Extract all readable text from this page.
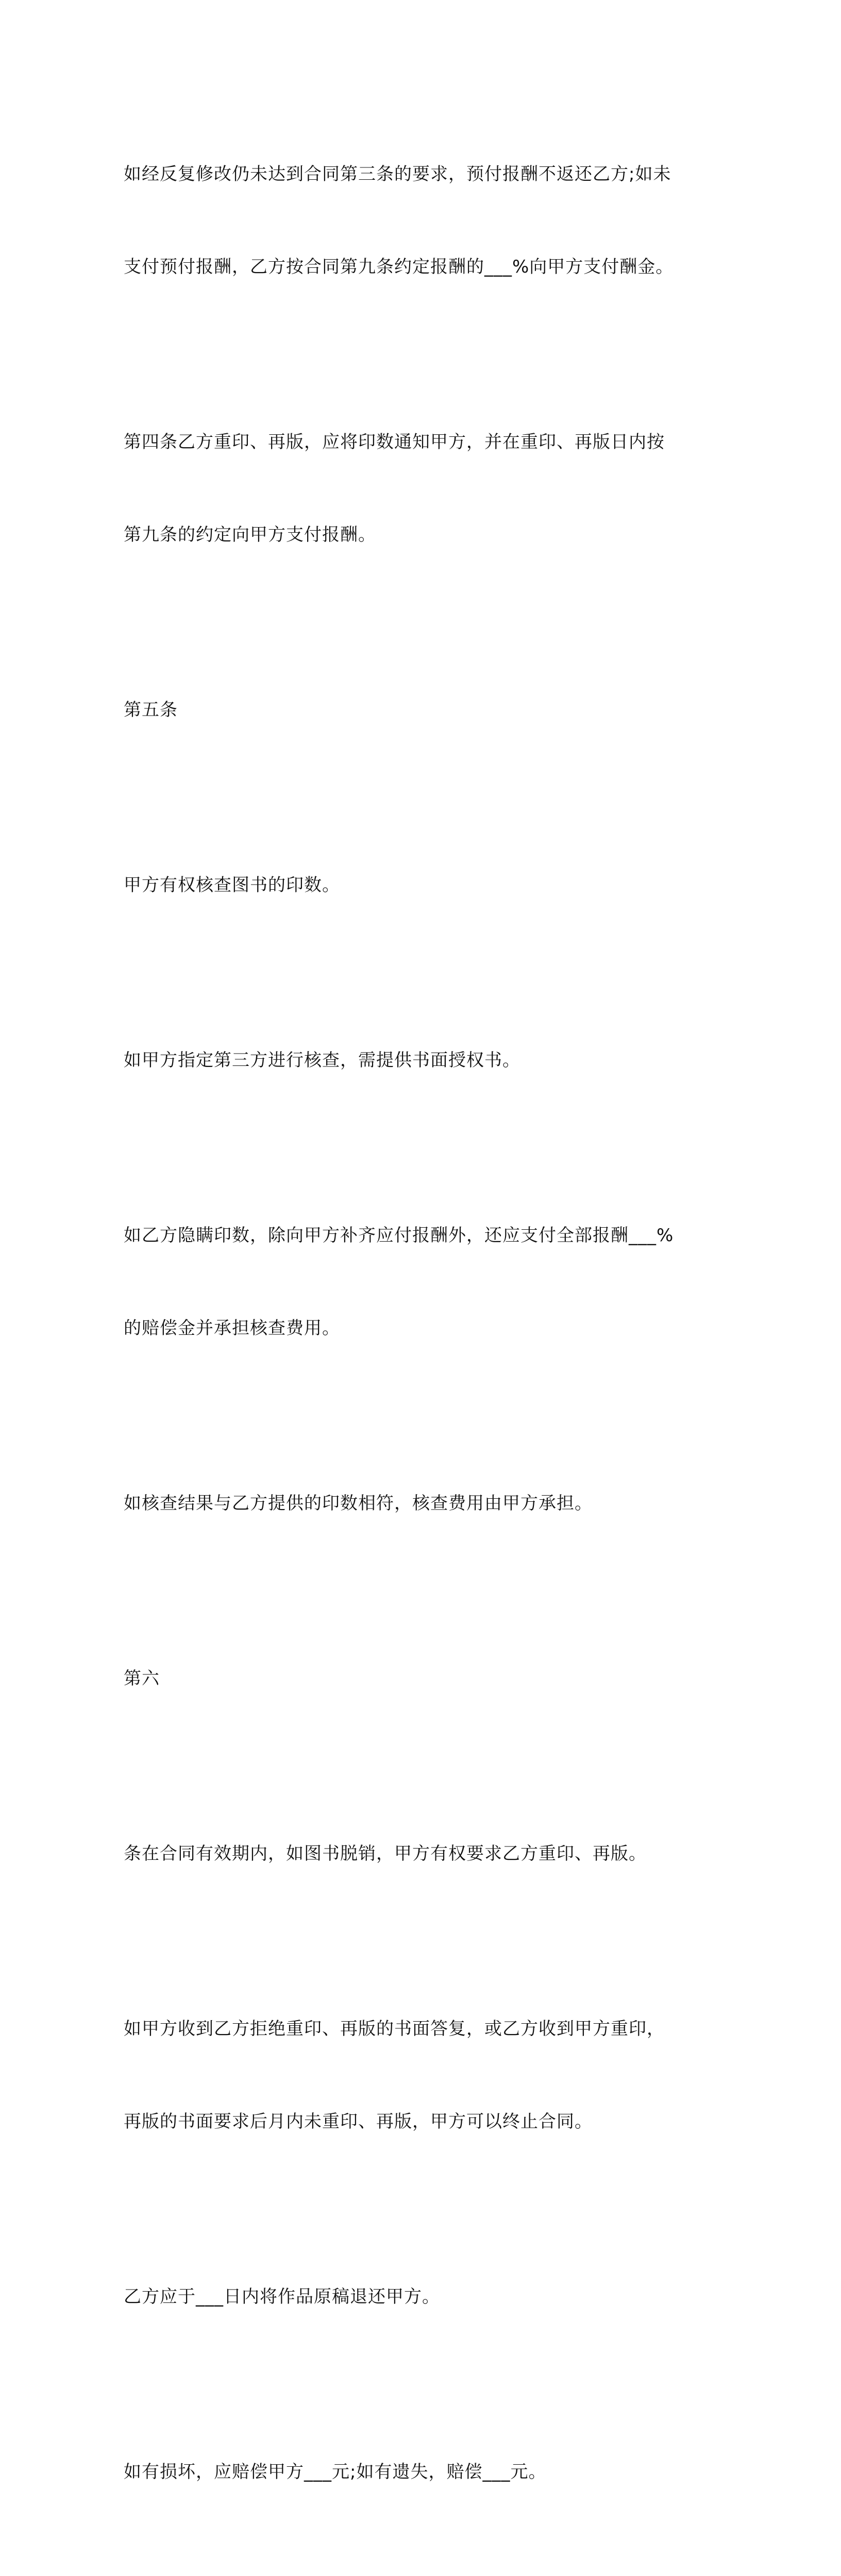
如经反复修改仍未达到合同第三条的要求，预付报酬不返还乙方;如未

支付预付报酬，乙方按合同第九条约定报酬的___%向甲方支付酬金。

第四条乙方重印、再版，应将印数通知甲方，并在重印、再版日内按

第九条的约定向甲方支付报酬。

第五条

甲方有权核查图书的印数。

如甲方指定第三方进行核查，需提供书面授权书。

如乙方隐瞒印数，除向甲方补齐应付报酬外，还应支付全部报酬___%

的赔偿金并承担核查费用。

如核查结果与乙方提供的印数相符，核查费用由甲方承担。

第六

条在合同有效期内，如图书脱销，甲方有权要求乙方重印、再版。

如甲方收到乙方拒绝重印、再版的书面答复，或乙方收到甲方重印，

再版的书面要求后月内未重印、再版，甲方可以终止合同。

乙方应于___日内将作品原稿退还甲方。

如有损坏，应赔偿甲方___元;如有遗失，赔偿___元。
